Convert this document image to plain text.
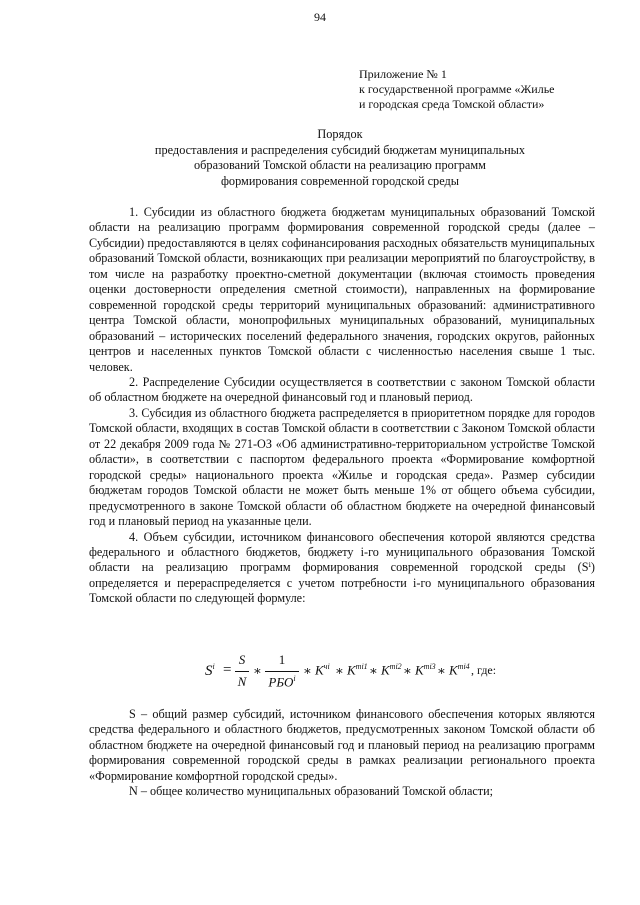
94
Приложение № 1
к государственной программе «Жилье
и городская среда Томской области»
Порядок
предоставления и распределения субсидий бюджетам муниципальных
образований Томской области на реализацию программ
формирования современной городской среды

1. Субсидии из областного бюджета бюджетам муниципальных образований Томской области на реализацию программ формирования современной городской среды (далее – Субсидии) предоставляются в целях софинансирования расходных обязательств муниципальных образований Томской области, возникающих при реализации мероприятий по благоустройству, в том числе на разработку проектно-сметной документации (включая стоимость проведения оценки достоверности определения сметной стоимости), направленных на формирование современной городской среды территорий муниципальных образований: административного центра Томской области, монопрофильных муниципальных образований, муниципальных образований – исторических поселений федерального значения, городских округов, районных центров и населенных пунктов Томской области с численностью населения свыше 1 тыс. человек.

2. Распределение Субсидии осуществляется в соответствии с законом Томской области об областном бюджете на очередной финансовый год и плановый период.

3. Субсидия из областного бюджета распределяется в приоритетном порядке для городов Томской области, входящих в состав Томской области в соответствии с Законом Томской области от 22 декабря 2009 года № 271-ОЗ «Об административно-территориальном устройстве Томской области», в соответствии с паспортом федерального проекта «Формирование комфортной городской среды» национального проекта «Жилье и городская среда». Размер субсидии бюджетам городов Томской области не может быть меньше 1% от общего объема субсидии, предусмотренного в законе Томской области об областном бюджете на очередной финансовый год и плановый период на указанные цели.

4. Объем субсидии, источником финансового обеспечения которой являются средства федерального и областного бюджетов, бюджету i-го муниципального образования Томской области на реализацию программ формирования современной городской среды (Sⁱ) определяется и перераспределяется с учетом потребности i-го муниципального образования Томской области по следующей формуле:

$S^i$ =
S
N
∗
1
РБО$^i$
∗ $K^{чi}$ ∗ $K^{mi1}$ ∗ $K^{mi2}$ ∗ $K^{mi3}$ ∗ $K^{mi4}$ , где:

S – общий размер субсидий, источником финансового обеспечения которых являются средства федерального и областного бюджетов, предусмотренных законом Томской области об областном бюджете на очередной финансовый год и плановый период на реализацию программ формирования современной городской среды в рамках реализации регионального проекта «Формирование комфортной городской среды».

N – общее количество муниципальных образований Томской области;
